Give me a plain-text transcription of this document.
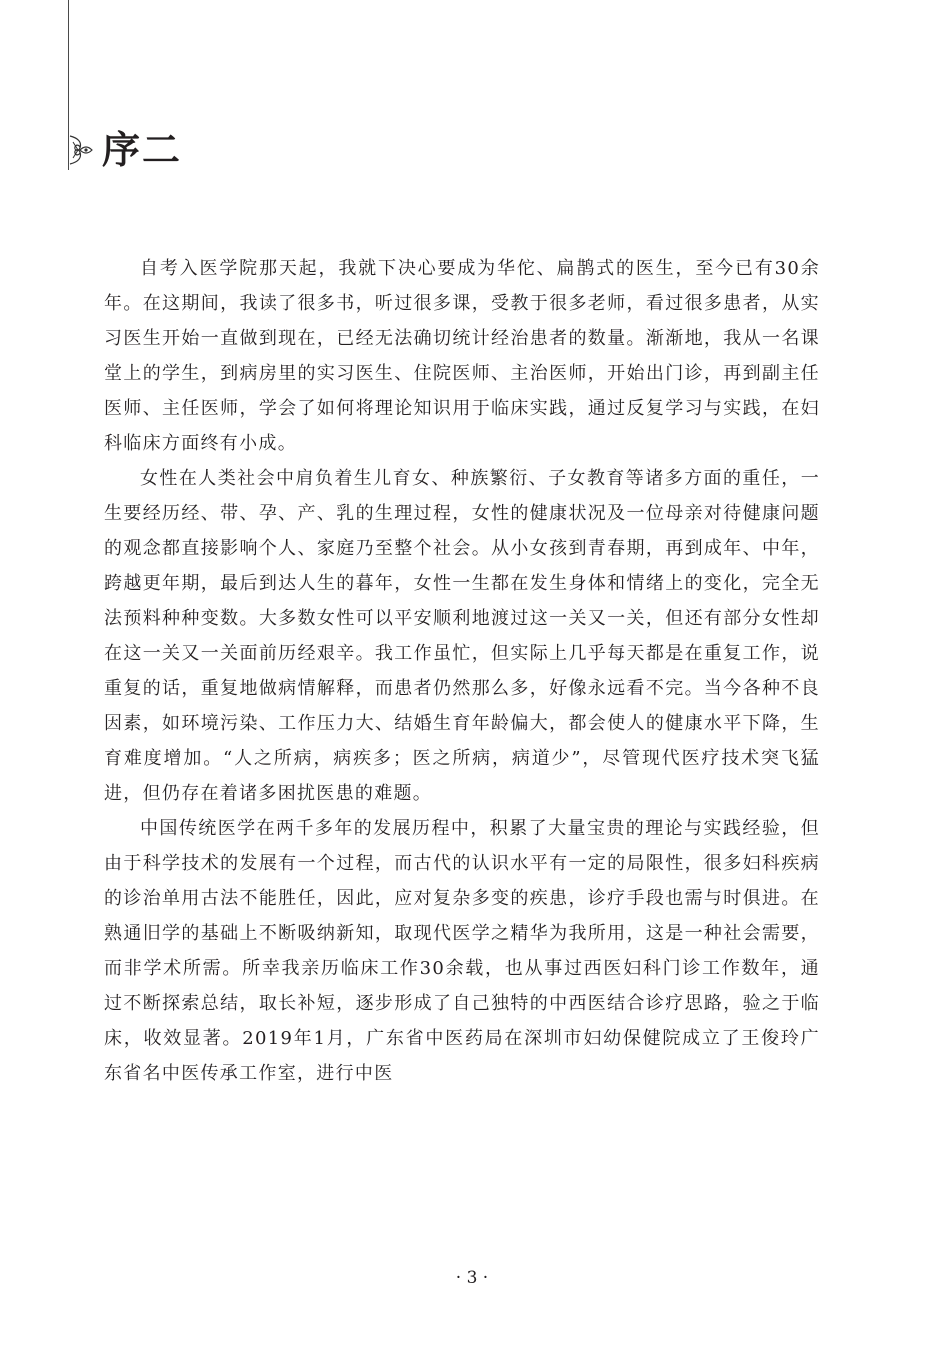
序二

自考入医学院那天起，我就下决心要成为华佗、扁鹊式的医生，至今已有30余年。在这期间，我读了很多书，听过很多课，受教于很多老师，看过很多患者，从实习医生开始一直做到现在，已经无法确切统计经治患者的数量。渐渐地，我从一名课堂上的学生，到病房里的实习医生、住院医师、主治医师，开始出门诊，再到副主任医师、主任医师，学会了如何将理论知识用于临床实践，通过反复学习与实践，在妇科临床方面终有小成。

女性在人类社会中肩负着生儿育女、种族繁衍、子女教育等诸多方面的重任，一生要经历经、带、孕、产、乳的生理过程，女性的健康状况及一位母亲对待健康问题的观念都直接影响个人、家庭乃至整个社会。从小女孩到青春期，再到成年、中年，跨越更年期，最后到达人生的暮年，女性一生都在发生身体和情绪上的变化，完全无法预料种种变数。大多数女性可以平安顺利地渡过这一关又一关，但还有部分女性却在这一关又一关面前历经艰辛。我工作虽忙，但实际上几乎每天都是在重复工作，说重复的话，重复地做病情解释，而患者仍然那么多，好像永远看不完。当今各种不良因素，如环境污染、工作压力大、结婚生育年龄偏大，都会使人的健康水平下降，生育难度增加。“人之所病，病疾多；医之所病，病道少”，尽管现代医疗技术突飞猛进，但仍存在着诸多困扰医患的难题。

中国传统医学在两千多年的发展历程中，积累了大量宝贵的理论与实践经验，但由于科学技术的发展有一个过程，而古代的认识水平有一定的局限性，很多妇科疾病的诊治单用古法不能胜任，因此，应对复杂多变的疾患，诊疗手段也需与时俱进。在熟通旧学的基础上不断吸纳新知，取现代医学之精华为我所用，这是一种社会需要，而非学术所需。所幸我亲历临床工作30余载，也从事过西医妇科门诊工作数年，通过不断探索总结，取长补短，逐步形成了自己独特的中西医结合诊疗思路，验之于临床，收效显著。2019年1月，广东省中医药局在深圳市妇幼保健院成立了王俊玲广东省名中医传承工作室，进行中医

· 3 ·
